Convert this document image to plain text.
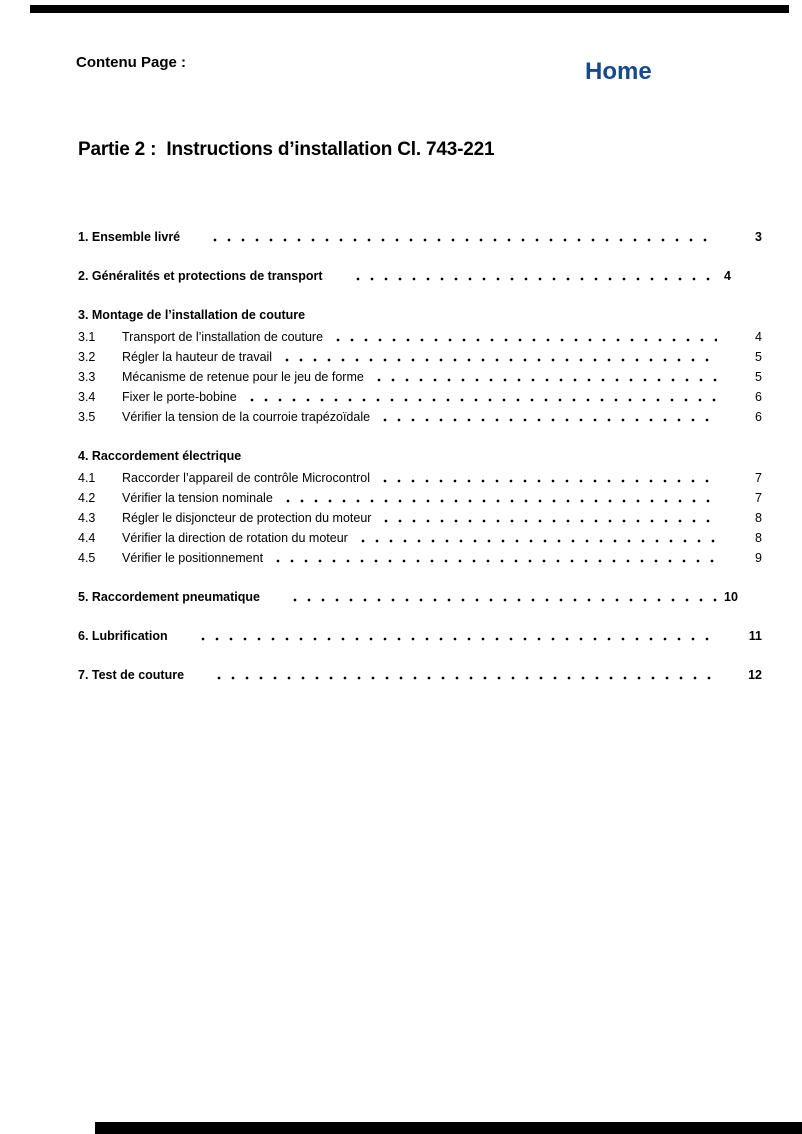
Contenu Page :	Home
Partie 2 :  Instructions d’installation Cl. 743-221
1. Ensemble livré	3
2. Généralités et protections de transport	4
3. Montage de l’installation de couture
3.1	Transport de l’installation de couture	4
3.2	Régler la hauteur de travail	5
3.3	Mécanisme de retenue pour le jeu de forme	5
3.4	Fixer le porte-bobine	6
3.5	Vérifier la tension de la courroie trapézoïdale	6
4. Raccordement électrique
4.1	Raccorder l’appareil de contrôle Microcontrol	7
4.2	Vérifier la tension nominale	7
4.3	Régler le disjoncteur de protection du moteur	8
4.4	Vérifier la direction de rotation du moteur	8
4.5	Vérifier le positionnement	9
5. Raccordement pneumatique	10
6. Lubrification	11
7. Test de couture	12
